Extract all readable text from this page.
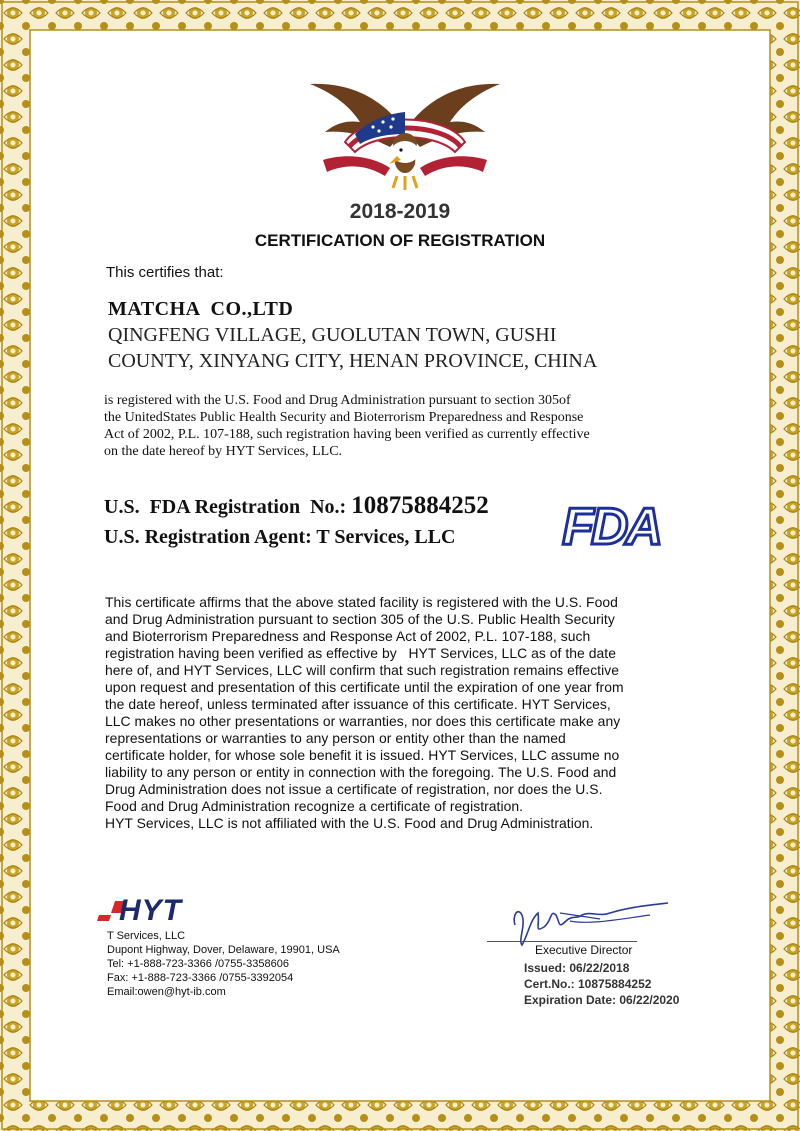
2018-2019
CERTIFICATION OF REGISTRATION
This certifies that:
MATCHA  CO.,LTD
QINGFENG VILLAGE, GUOLUTAN TOWN, GUSHI
COUNTY, XINYANG CITY, HENAN PROVINCE, CHINA
is registered with the U.S. Food and Drug Administration pursuant to section 305of
the UnitedStates Public Health Security and Bioterrorism Preparedness and Response
Act of 2002, P.L. 107-188, such registration having been verified as currently effective
on the date hereof by HYT Services, LLC.
U.S.  FDA Registration  No.: 10875884252
U.S. Registration Agent: T Services, LLC FDA

This certificate affirms that the above stated facility is registered with the U.S. Food

and Drug Administration pursuant to section 305 of the U.S. Public Health Security

and Bioterrorism Preparedness and Response Act of 2002, P.L. 107-188, such

registration having been verified as effective by   HYT Services, LLC as of the date

here of, and HYT Services, LLC will confirm that such registration remains effective

upon request and presentation of this certificate until the expiration of one year from

the date hereof, unless terminated after issuance of this certificate. HYT Services,

LLC makes no other presentations or warranties, nor does this certificate make any

representations or warranties to any person or entity other than the named

certificate holder, for whose sole benefit it is issued. HYT Services, LLC assume no

liability to any person or entity in connection with the foregoing. The U.S. Food and

Drug Administration does not issue a certificate of registration, nor does the U.S.

Food and Drug Administration recognize a certificate of registration.

HYT Services, LLC is not affiliated with the U.S. Food and Drug Administration.

HYT
T Services, LLC
Dupont Highway, Dover, Delaware, 19901, USA
Tel: +1-888-723-3366 /0755-3358606
Fax: +1-888-723-3366 /0755-3392054
Email:owen@hyt-ib.com
Executive Director
Issued: 06/22/2018
Cert.No.: 10875884252
Expiration Date: 06/22/2020
